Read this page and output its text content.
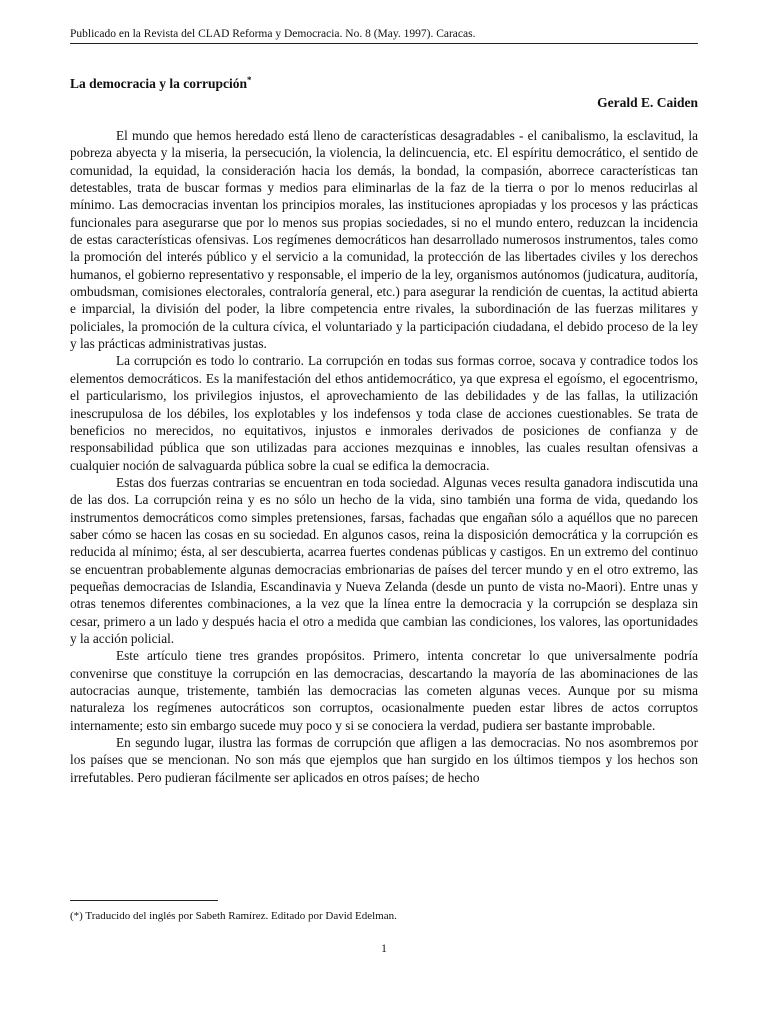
Publicado en la Revista del CLAD Reforma y Democracia. No. 8 (May. 1997). Caracas.
La democracia y la corrupción*
Gerald E. Caiden

El mundo que hemos heredado está lleno de características desagradables - el canibalismo, la esclavitud, la pobreza abyecta y la miseria, la persecución, la violencia, la delincuencia, etc. El espíritu democrático, el sentido de comunidad, la equidad, la consideración hacia los demás, la bondad, la compasión, aborrece características tan detestables, trata de buscar formas y medios para eliminarlas de la faz de la tierra o por lo menos reducirlas al mínimo. Las democracias inventan los principios morales, las instituciones apropiadas y los procesos y las prácticas funcionales para asegurarse que por lo menos sus propias sociedades, si no el mundo entero, reduzcan la incidencia de estas características ofensivas. Los regímenes democráticos han desarrollado numerosos instrumentos, tales como la promoción del interés público y el servicio a la comunidad, la protección de las libertades civiles y los derechos humanos, el gobierno representativo y responsable, el imperio de la ley, organismos autónomos (judicatura, auditoría, ombudsman, comisiones electorales, contraloría general, etc.) para asegurar la rendición de cuentas, la actitud abierta e imparcial, la división del poder, la libre competencia entre rivales, la subordinación de las fuerzas militares y policiales, la promoción de la cultura cívica, el voluntariado y la participación ciudadana, el debido proceso de la ley y las prácticas administrativas justas.

La corrupción es todo lo contrario. La corrupción en todas sus formas corroe, socava y contradice todos los elementos democráticos. Es la manifestación del ethos antidemocrático, ya que expresa el egoísmo, el egocentrismo, el particularismo, los privilegios injustos, el aprovechamiento de las debilidades y de las fallas, la utilización inescrupulosa de los débiles, los explotables y los indefensos y toda clase de acciones cuestionables. Se trata de beneficios no merecidos, no equitativos, injustos e inmorales derivados de posiciones de confianza y de responsabilidad pública que son utilizadas para acciones mezquinas e innobles, las cuales resultan ofensivas a cualquier noción de salvaguarda pública sobre la cual se edifica la democracia.

Estas dos fuerzas contrarias se encuentran en toda sociedad. Algunas veces resulta ganadora indiscutida una de las dos. La corrupción reina y es no sólo un hecho de la vida, sino también una forma de vida, quedando los instrumentos democráticos como simples pretensiones, farsas, fachadas que engañan sólo a aquéllos que no parecen saber cómo se hacen las cosas en su sociedad. En algunos casos, reina la disposición democrática y la corrupción es reducida al mínimo; ésta, al ser descubierta, acarrea fuertes condenas públicas y castigos. En un extremo del continuo se encuentran probablemente algunas democracias embrionarias de países del tercer mundo y en el otro extremo, las pequeñas democracias de Islandia, Escandinavia y Nueva Zelanda (desde un punto de vista no-Maori). Entre unas y otras tenemos diferentes combinaciones, a la vez que la línea entre la democracia y la corrupción se desplaza sin cesar, primero a un lado y después hacia el otro a medida que cambian las condiciones, los valores, las oportunidades y la acción policial.

Este artículo tiene tres grandes propósitos. Primero, intenta concretar lo que universalmente podría convenirse que constituye la corrupción en las democracias, descartando la mayoría de las abominaciones de las autocracias aunque, tristemente, también las democracias las cometen algunas veces. Aunque por su misma naturaleza los regímenes autocráticos son corruptos, ocasionalmente pueden estar libres de actos corruptos internamente; esto sin embargo sucede muy poco y si se conociera la verdad, pudiera ser bastante improbable.

En segundo lugar, ilustra las formas de corrupción que afligen a las democracias. No nos asombremos por los países que se mencionan. No son más que ejemplos que han surgido en los últimos tiempos y los hechos son irrefutables. Pero pudieran fácilmente ser aplicados en otros países; de hecho

(*) Traducido del inglés por Sabeth Ramírez. Editado por David Edelman.
1
